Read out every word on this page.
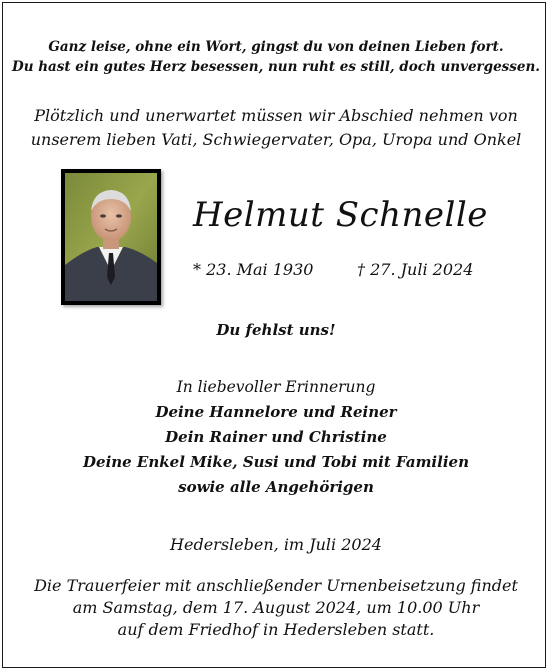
Ganz leise, ohne ein Wort, gingst du von deinen Lieben fort.
Du hast ein gutes Herz besessen, nun ruht es still, doch unvergessen.
Plötzlich und unerwartet müssen wir Abschied nehmen von
unserem lieben Vati, Schwiegervater, Opa, Uropa und Onkel
Helmut Schnelle
* 23. Mai 1930	† 27. Juli 2024
Du fehlst uns!
In liebevoller Erinnerung
Deine Hannelore und Reiner
Dein Rainer und Christine
Deine Enkel Mike, Susi und Tobi mit Familien
sowie alle Angehörigen
Hedersleben, im Juli 2024
Die Trauerfeier mit anschließender Urnenbeisetzung findet
am Samstag, dem 17. August 2024, um 10.00 Uhr
auf dem Friedhof in Hedersleben statt.
